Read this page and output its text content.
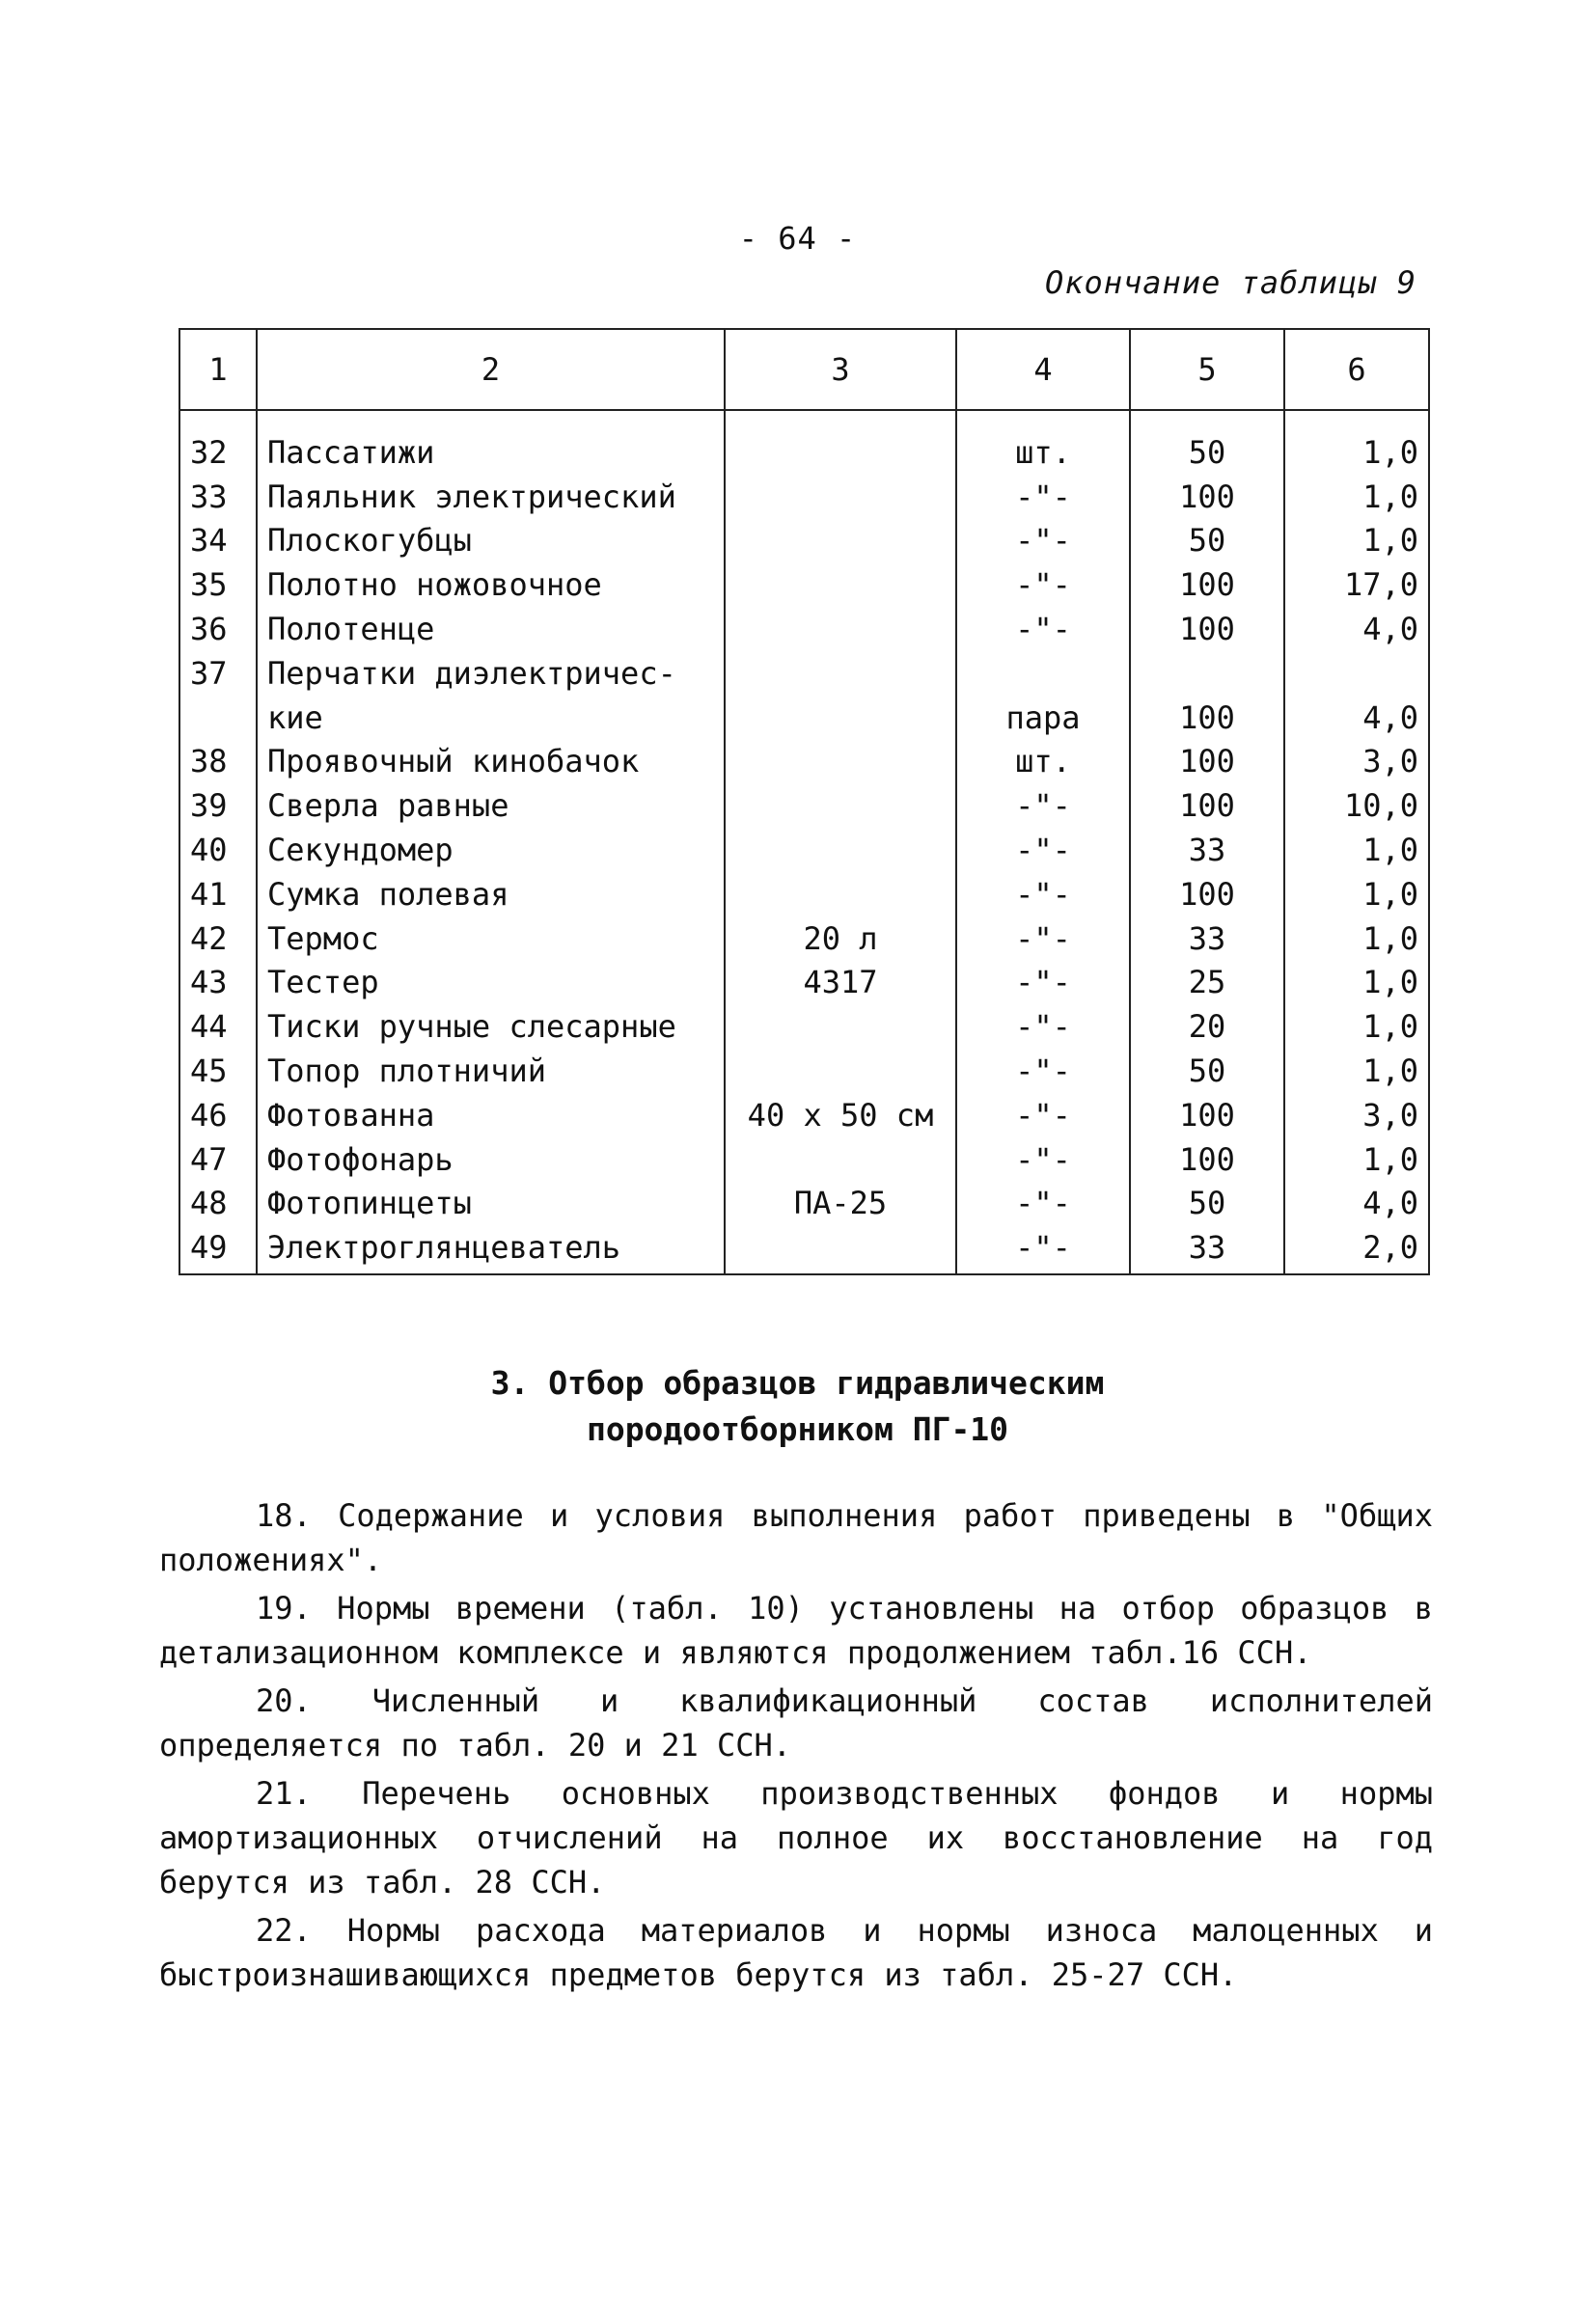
- 64 -
Окончание таблицы 9
1	2	3	4	5	6
32	Пассатижи		шт.	50	1,0
33	Паяльник электрический		-"-	100	1,0
34	Плоскогубцы		-"-	50	1,0
35	Полотно ножовочное		-"-	100	17,0
36	Полотенце		-"-	100	4,0
37	Перчатки диэлектричес-				
	кие		пара	100	4,0
38	Проявочный кинобачок		шт.	100	3,0
39	Сверла равные		-"-	100	10,0
40	Секундомер		-"-	33	1,0
41	Сумка полевая		-"-	100	1,0
42	Термос	20 л	-"-	33	1,0
43	Тестер	4317	-"-	25	1,0
44	Тиски ручные слесарные		-"-	20	1,0
45	Топор плотничий		-"-	50	1,0
46	Фотованна	40 x 50 см	-"-	100	3,0
47	Фотофонарь		-"-	100	1,0
48	Фотопинцеты	ПА-25	-"-	50	4,0
49	Электроглянцеватель		-"-	33	2,0
3. Отбор образцов гидравлическим
породоотборником ПГ-10

18. Содержание и условия выполнения работ приведены в "Общих положениях".

19. Нормы времени (табл. 10) установлены на отбор образцов в детализационном комплексе и являются продолжением табл.16 ССН.

20. Численный и квалификационный состав исполнителей определяется по табл. 20 и 21 ССН.

21. Перечень основных производственных фондов и нормы амортизационных отчислений на полное их восстановление на год берутся из табл. 28 ССН.

22. Нормы расхода материалов и нормы износа малоценных и быстроизнашивающихся предметов берутся из табл. 25-27 ССН.
